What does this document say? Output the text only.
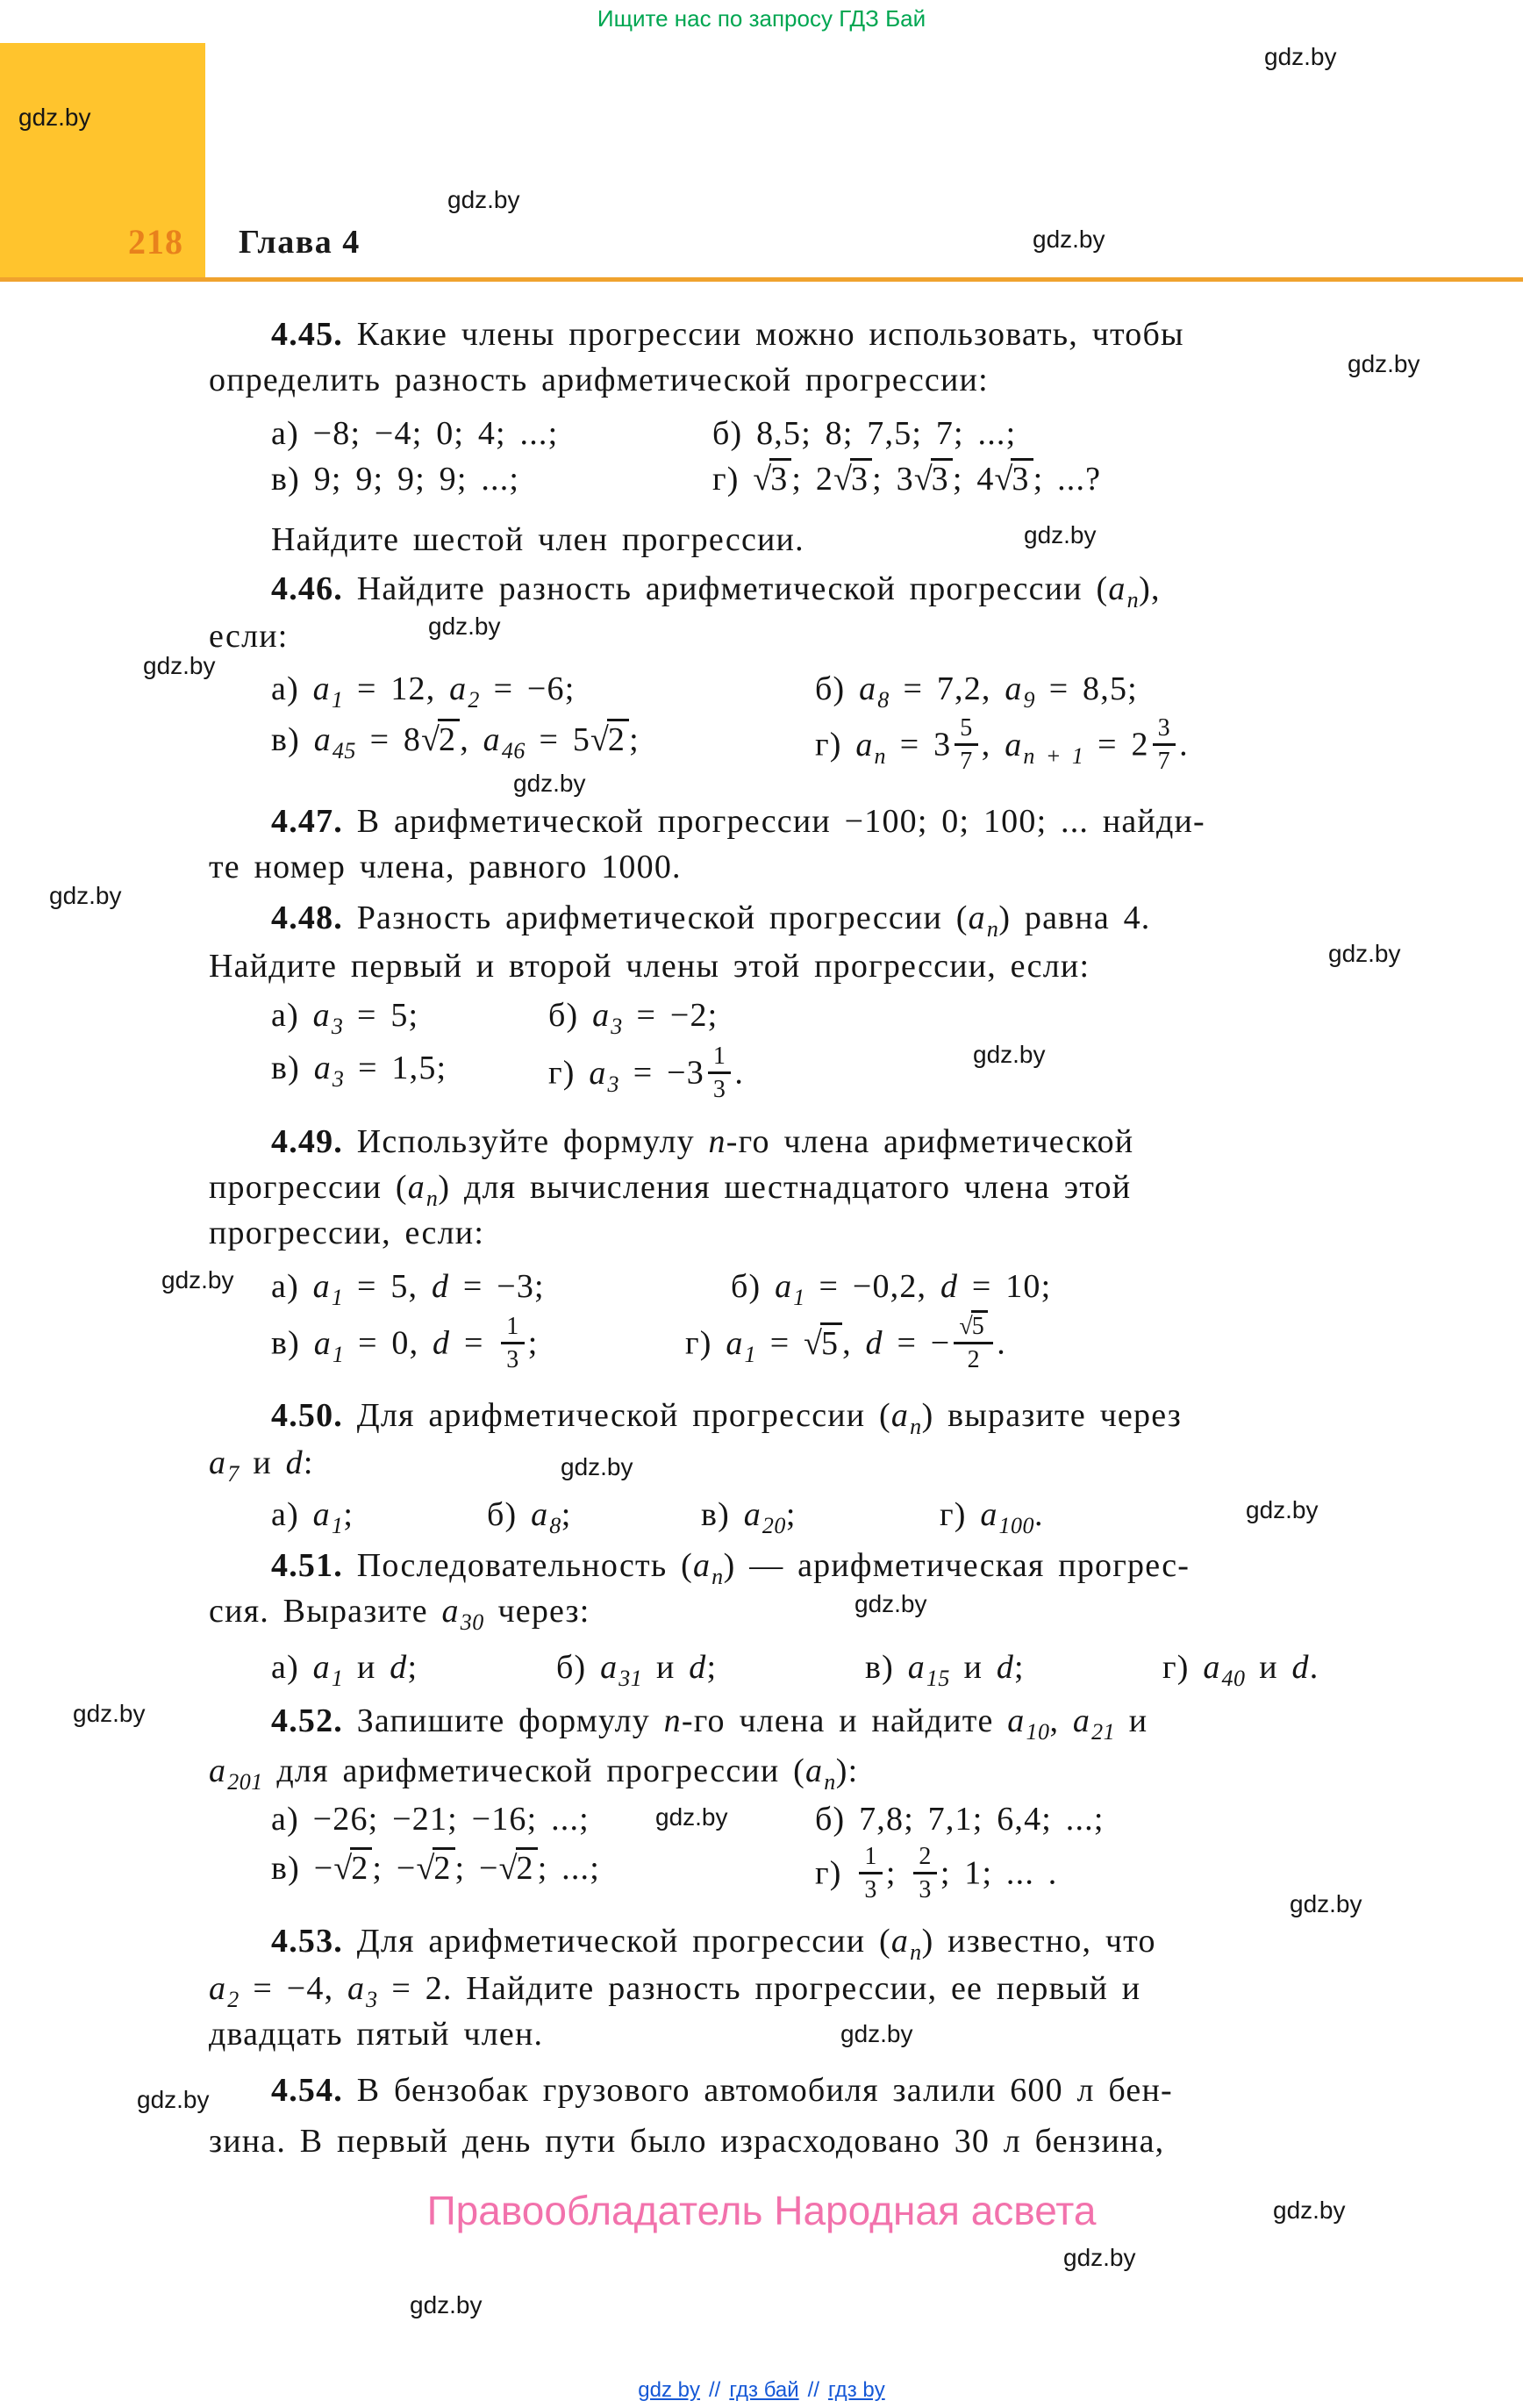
Ищите нас по запросу ГДЗ Бай
218 Глава 4
gdz.by
gdz.by
gdz.by
gdz.by
gdz.by
gdz.by
gdz.by
gdz.by
gdz.by
gdz.by
gdz.by
gdz.by
gdz.by
gdz.by
gdz.by
gdz.by
gdz.by
gdz.by
gdz.by
gdz.by
gdz.by
gdz.by
gdz.by
gdz.by
4.45. Какие члены прогрессии можно использовать, чтобы
определить разность арифметической прогрессии:
а) −8; −4; 0; 4; ...;	б) 8,5; 8; 7,5; 7; ...;
в) 9; 9; 9; 9; ...;	г) √3 ; 2√3 ; 3√3 ; 4√3 ; ...?
Найдите шестой член прогрессии.
4.46. Найдите разность арифметической прогрессии $(a_n)$,
если:
а) $a_1 = 12$, $a_2 = -6$;	б) $a_8 = 7,2$, $a_9 = 8,5$;
в) $a_{45} = 8√2$ , $a_{46} = 5√2$ ;	г) $a_n = 3 \frac{5}{7}$ , $a_{n + 1} = 2 \frac{3}{7}$ .
4.47. В арифметической прогрессии −100; 0; 100; ... найди-
те номер члена, равного 1000.
4.48. Разность арифметической прогрессии $(a_n)$ равна 4.
Найдите первый и второй члены этой прогрессии, если:
а) $a_3 = 5$;	б) $a_3 = -2$;
в) $a_3 = 1,5$;	г) $a_3 = -3 \frac{1}{3}$ .
4.49. Используйте формулу n-го члена арифметической
прогрессии $(a_n)$ для вычисления шестнадцатого члена этой
прогрессии, если:
а) $a_1 = 5$, d = −3;	б) $a_1 = -0,2$, d = 10;
в) $a_1 = 0$, $d = \frac{1}{3}$ ;	г) $a_1 = √5$ , d = − $\frac{√5}{2}$ .
4.50. Для арифметической прогрессии $(a_n)$ выразите через
$a_7$ и d:
а) $a_1$;	б) $a_8$;	в) $a_{20}$;	г) $a_{100}$.
4.51. Последовательность $(a_n)$ — арифметическая прогрес-
сия. Выразите $a_{30}$ через:
а) $a_1$ и d;	б) $a_{31}$ и d;	в) $a_{15}$ и d;	г) $a_{40}$ и d.
4.52. Запишите формулу n-го члена и найдите $a_{10}$, $a_{21}$ и
$a_{201}$ для арифметической прогрессии $(a_n)$:
а) −26; −21; −16; ...;	б) 7,8; 7,1; 6,4; ...;
в) −√2 ; −√2 ; −√2 ; ...;	$г) \frac{1}{3}$ ; $\frac{2}{3}$ ; 1; ... .
4.53. Для арифметической прогрессии $(a_n)$ известно, что
$a_2 = -4$, $a_3 = 2$. Найдите разность прогрессии, ее первый и
двадцать пятый член.
4.54. В бензобак грузового автомобиля залили 600 л бен-
зина. В первый день пути было израсходовано 30 л бензина,
Правообладатель Народная асвета
gdz by // гдз бай // гдз by
